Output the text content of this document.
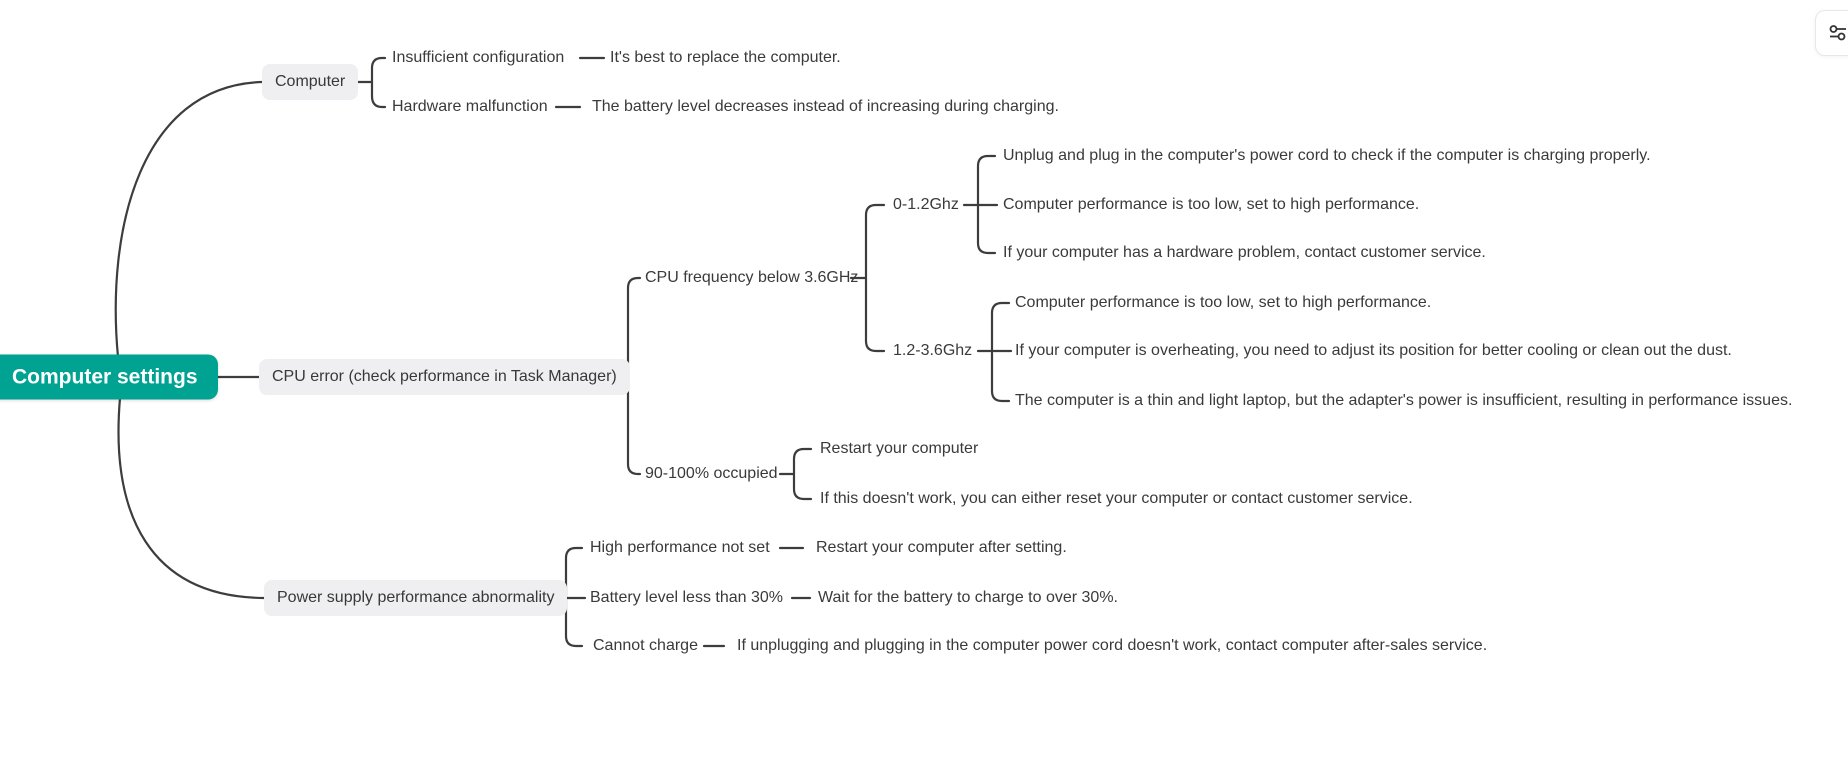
Computer settings
Computer
Insufficient configuration	It's best to replace the computer.
Hardware malfunction	The battery level decreases instead of increasing during charging.
CPU error (check performance in Task Manager)
CPU frequency below 3.6GHz
0-1.2Ghz
Unplug and plug in the computer's power cord to check if the computer is charging properly.
Computer performance is too low, set to high performance.
If your computer has a hardware problem, contact customer service.
1.2-3.6Ghz
Computer performance is too low, set to high performance.
If your computer is overheating, you need to adjust its position for better cooling or clean out the dust.
The computer is a thin and light laptop, but the adapter's power is insufficient, resulting in performance issues.
90-100% occupied
Restart your computer
If this doesn't work, you can either reset your computer or contact customer service.
Power supply performance abnormality
High performance not set	Restart your computer after setting.
Battery level less than 30% Wait for the battery to charge to over 30%.
Cannot charge If unplugging and plugging in the computer power cord doesn't work, contact computer after-sales service.
